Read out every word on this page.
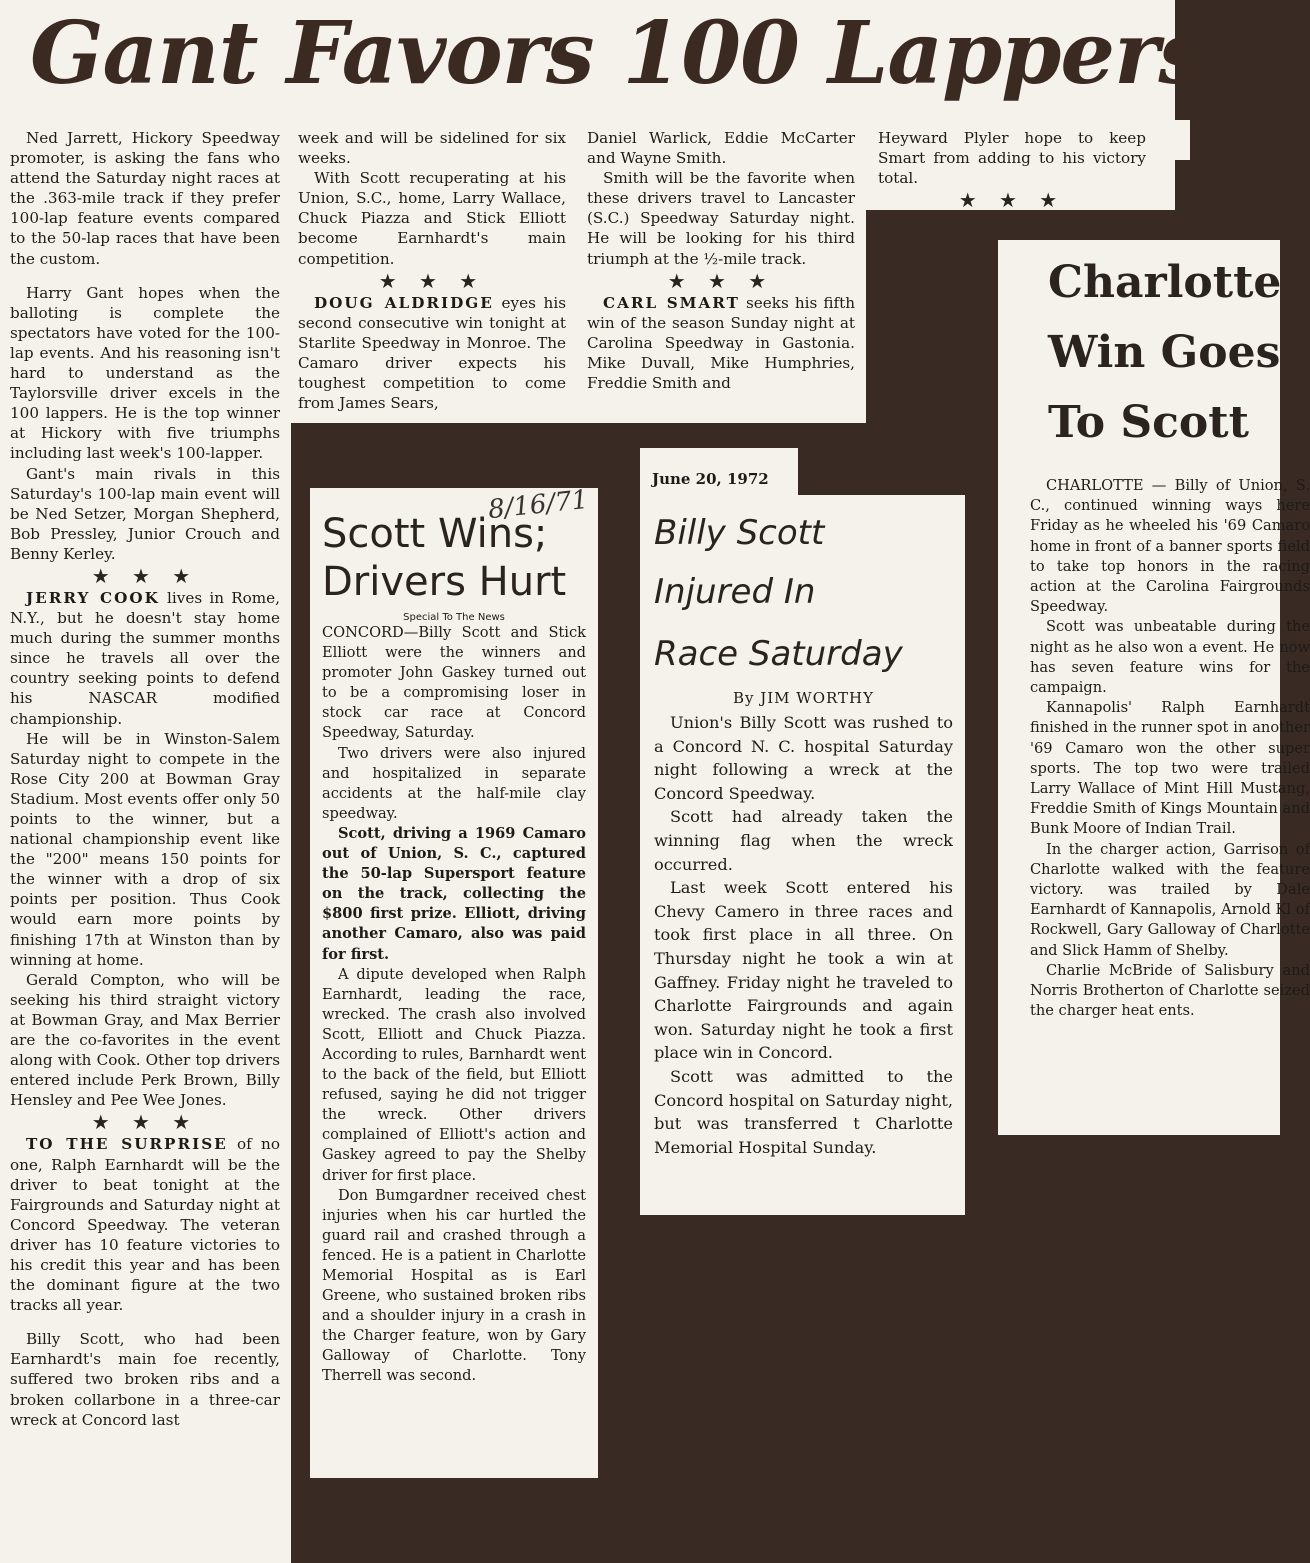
Gant Favors 100 Lappers

Ned Jarrett, Hickory Speedway promoter, is asking the fans who attend the Saturday night races at the .363-mile track if they prefer 100-lap feature events compared to the 50-lap races that have been the custom.

Harry Gant hopes when the balloting is complete the spectators have voted for the 100-lap events. And his reasoning isn't hard to understand as the Taylorsville driver excels in the 100 lappers. He is the top winner at Hickory with five triumphs including last week's 100-lapper.

Gant's main rivals in this Saturday's 100-lap main event will be Ned Setzer, Morgan Shepherd, Bob Pressley, Junior Crouch and Benny Kerley.

★ ★ ★

JERRY COOK lives in Rome, N.Y., but he doesn't stay home much during the summer months since he travels all over the country seeking points to defend his NASCAR modified championship.

He will be in Winston-Salem Saturday night to compete in the Rose City 200 at Bowman Gray Stadium. Most events offer only 50 points to the winner, but a national championship event like the "200" means 150 points for the winner with a drop of six points per position. Thus Cook would earn more points by finishing 17th at Winston than by winning at home.

Gerald Compton, who will be seeking his third straight victory at Bowman Gray, and Max Berrier are the co-favorites in the event along with Cook. Other top drivers entered include Perk Brown, Billy Hensley and Pee Wee Jones.

★ ★ ★

TO THE SURPRISE of no one, Ralph Earnhardt will be the driver to beat tonight at the Fairgrounds and Saturday night at Concord Speedway. The veteran driver has 10 feature victories to his credit this year and has been the dominant figure at the two tracks all year.

Billy Scott, who had been Earnhardt's main foe recently, suffered two broken ribs and a broken collarbone in a three-car wreck at Concord last

week and will be sidelined for six weeks.

With Scott recuperating at his Union, S.C., home, Larry Wallace, Chuck Piazza and Stick Elliott become Earnhardt's main competition.

★ ★ ★

DOUG ALDRIDGE eyes his second consecutive win tonight at Starlite Speedway in Monroe. The Camaro driver expects his toughest competition to come from James Sears,

Daniel Warlick, Eddie McCarter and Wayne Smith.

Smith will be the favorite when these drivers travel to Lancaster (S.C.) Speedway Saturday night. He will be looking for his third triumph at the ½-mile track.

★ ★ ★

CARL SMART seeks his fifth win of the season Sunday night at Carolina Speedway in Gastonia. Mike Duvall, Mike Humphries, Freddie Smith and

Heyward Plyler hope to keep Smart from adding to his victory total.

★ ★ ★
8/16/71
Scott Wins;
Drivers Hurt
Special To The News

CONCORD—Billy Scott and Stick Elliott were the winners and promoter John Gaskey turned out to be a compromising loser in stock car race at Concord Speedway, Saturday.

Two drivers were also injured and hospitalized in separate accidents at the half-mile clay speedway.

Scott, driving a 1969 Camaro out of Union, S. C., captured the 50-lap Supersport feature on the track, collecting the $800 first prize. Elliott, driving another Camaro, also was paid for first.

A dipute developed when Ralph Earnhardt, leading the race, wrecked. The crash also involved Scott, Elliott and Chuck Piazza. According to rules, Barnhardt went to the back of the field, but Elliott refused, saying he did not trigger the wreck. Other drivers complained of Elliott's action and Gaskey agreed to pay the Shelby driver for first place.

Don Bumgardner received chest injuries when his car hurtled the guard rail and crashed through a fenced. He is a patient in Charlotte Memorial Hospital as is Earl Greene, who sustained broken ribs and a shoulder injury in a crash in the Charger feature, won by Gary Galloway of Charlotte. Tony Therrell was second.

Billy Scott
Injured In
Race Saturday
By JIM WORTHY

Union's Billy Scott was rushed to a Concord N. C. hospital Saturday night following a wreck at the Concord Speedway.

Scott had already taken the winning flag when the wreck occurred.

Last week Scott entered his Chevy Camero in three races and took first place in all three. On Thursday night he took a win at Gaffney. Friday night he traveled to Charlotte Fairgrounds and again won. Saturday night he took a first place win in Concord.

Scott was admitted to the Concord hospital on Saturday night, but was transferred t Charlotte Memorial Hospital Sunday.

June 20, 1972
Charlotte
Win Goes
To Scott

CHARLOTTE — Billy of Union, S. C., continued winning ways here Friday as he wheeled his '69 Camaro home in front of a banner sports field to take top honors in the racing action at the Carolina Fairgrounds Speedway.

Scott was unbeatable during the night as he also won a event. He now has seven feature wins for the campaign.

Kannapolis' Ralph Earnhardt finished in the runner spot in another '69 Camaro won the other super sports. The top two were trailed Larry Wallace of Mint Hill Mustang, Freddie Smith of Kings Mountain and Bunk Moore of Indian Trail.

In the charger action, Garrison of Charlotte walked with the feature victory. was trailed by Dale Earnhardt of Kannapolis, Arnold Kl of Rockwell, Gary Galloway of Charlotte and Slick Hamm of Shelby.

Charlie McBride of Salisbury and Norris Brotherton of Charlotte seized the charger heat ents.
